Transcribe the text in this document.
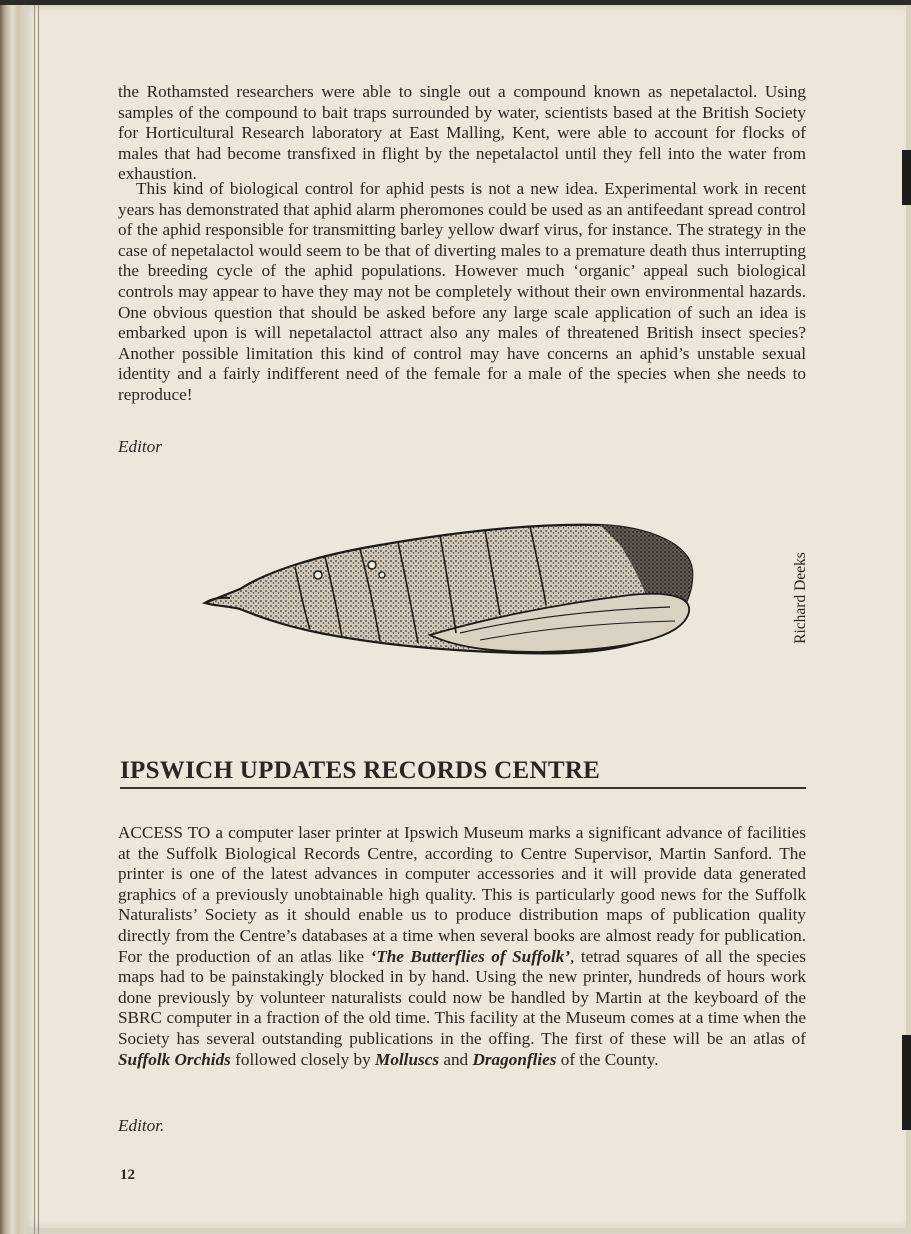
the Rothamsted researchers were able to single out a compound known as nepetalactol. Using samples of the compound to bait traps surrounded by water, scientists based at the British Society for Horticultural Research laboratory at East Malling, Kent, were able to account for flocks of males that had become transfixed in flight by the nepetalactol until they fell into the water from exhaustion.

This kind of biological control for aphid pests is not a new idea. Experimental work in recent years has demonstrated that aphid alarm pheromones could be used as an antifeedant spread control of the aphid responsible for transmitting barley yellow dwarf virus, for instance. The strategy in the case of nepetalactol would seem to be that of diverting males to a premature death thus interrupting the breeding cycle of the aphid populations. However much ‘organic’ appeal such biological controls may appear to have they may not be completely without their own environmental hazards. One obvious question that should be asked before any large scale application of such an idea is embarked upon is will nepetalactol attract also any males of threatened British insect species? Another possible limitation this kind of control may have concerns an aphid’s unstable sexual identity and a fairly indifferent need of the female for a male of the species when she needs to reproduce!

Editor

Richard Deeks
IPSWICH UPDATES RECORDS CENTRE

ACCESS TO a computer laser printer at Ipswich Museum marks a significant advance of facilities at the Suffolk Biological Records Centre, according to Centre Supervisor, Martin Sanford. The printer is one of the latest advances in computer accessories and it will provide data generated graphics of a previously unobtainable high quality. This is particularly good news for the Suffolk Naturalists’ Society as it should enable us to produce distribution maps of publication quality directly from the Centre’s databases at a time when several books are almost ready for publication. For the production of an atlas like ‘The Butterflies of Suffolk’, tetrad squares of all the species maps had to be painstakingly blocked in by hand. Using the new printer, hundreds of hours work done previously by volunteer naturalists could now be handled by Martin at the keyboard of the SBRC computer in a fraction of the old time. This facility at the Museum comes at a time when the Society has several outstanding publications in the offing. The first of these will be an atlas of Suffolk Orchids followed closely by Molluscs and Dragonflies of the County.

Editor.

12
